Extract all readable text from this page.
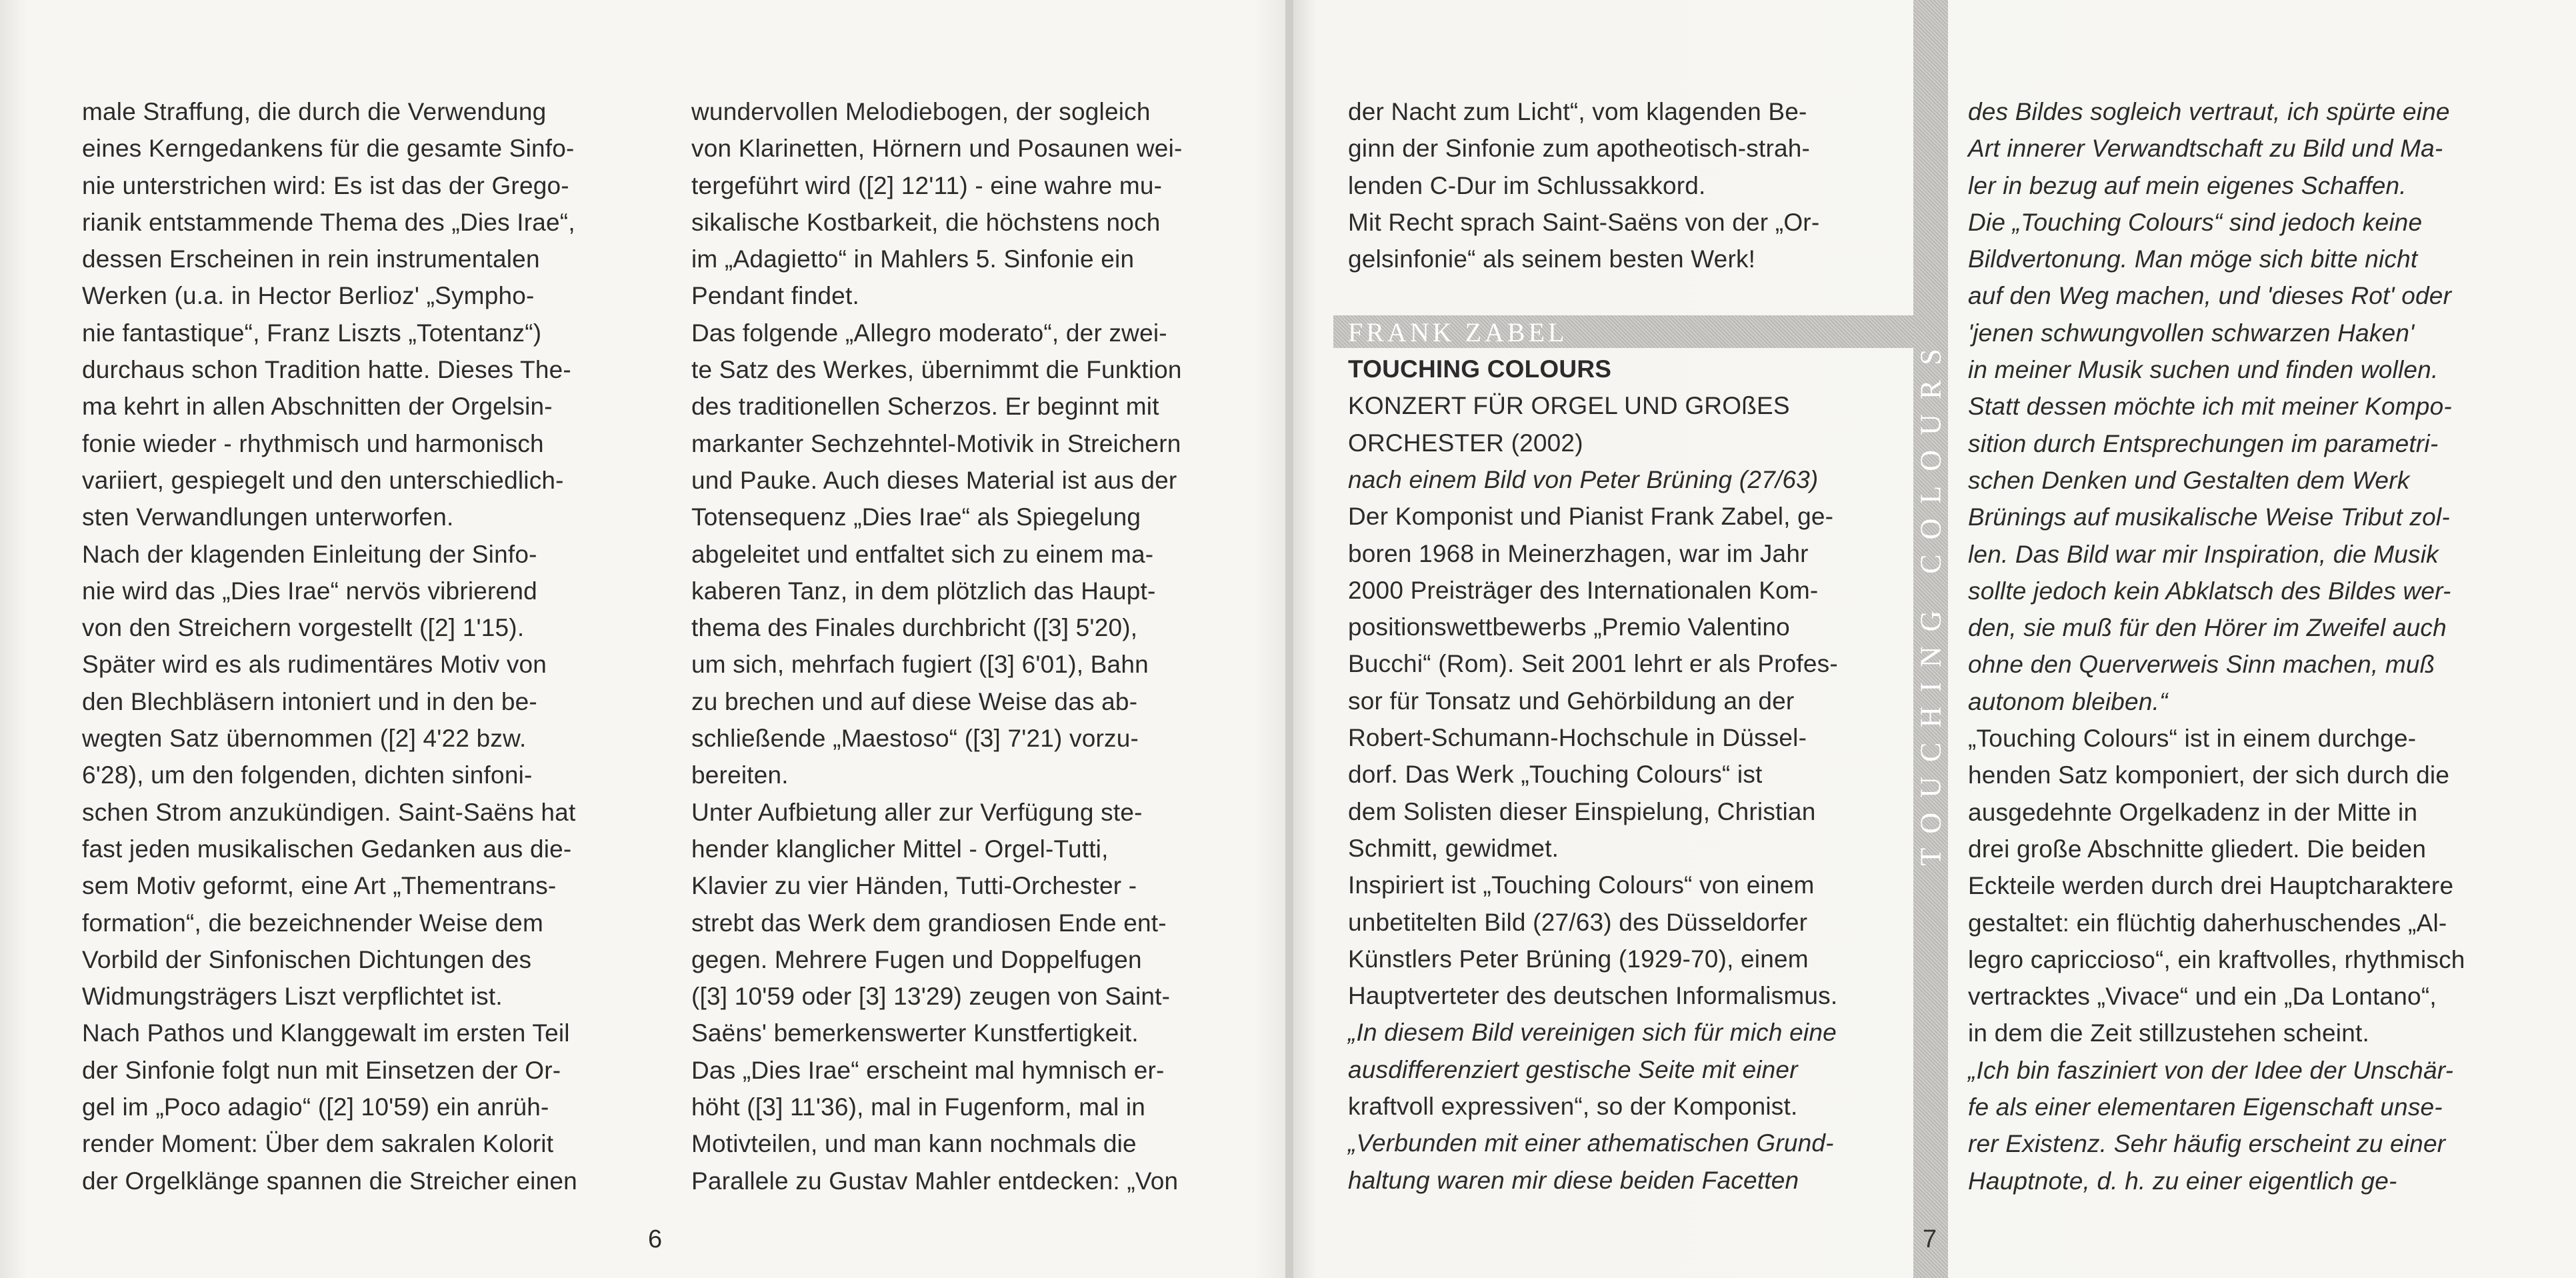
male Straffung, die durch die Verwendung
eines Kerngedankens für die gesamte Sinfo-
nie unterstrichen wird: Es ist das der Grego-
rianik entstammende Thema des „Dies Irae“,
dessen Erscheinen in rein instrumentalen
Werken (u.a. in Hector Berlioz' „Sympho-
nie fantastique“, Franz Liszts „Totentanz“)
durchaus schon Tradition hatte. Dieses The-
ma kehrt in allen Abschnitten der Orgelsin-
fonie wieder - rhythmisch und harmonisch
variiert, gespiegelt und den unterschiedlich-
sten Verwandlungen unterworfen.
Nach der klagenden Einleitung der Sinfo-
nie wird das „Dies Irae“ nervös vibrierend
von den Streichern vorgestellt ([2] 1'15).
Später wird es als rudimentäres Motiv von
den Blechbläsern intoniert und in den be-
wegten Satz übernommen ([2] 4'22 bzw.
6'28), um den folgenden, dichten sinfoni-
schen Strom anzukündigen. Saint-Saëns hat
fast jeden musikalischen Gedanken aus die-
sem Motiv geformt, eine Art „Thementrans-
formation“, die bezeichnender Weise dem
Vorbild der Sinfonischen Dichtungen des
Widmungsträgers Liszt verpflichtet ist.
Nach Pathos und Klanggewalt im ersten Teil
der Sinfonie folgt nun mit Einsetzen der Or-
gel im „Poco adagio“ ([2] 10'59) ein anrüh-
render Moment: Über dem sakralen Kolorit
der Orgelklänge spannen die Streicher einen
wundervollen Melodiebogen, der sogleich
von Klarinetten, Hörnern und Posaunen wei-
tergeführt wird ([2] 12'11) - eine wahre mu-
sikalische Kostbarkeit, die höchstens noch
im „Adagietto“ in Mahlers 5. Sinfonie ein
Pendant findet.
Das folgende „Allegro moderato“, der zwei-
te Satz des Werkes, übernimmt die Funktion
des traditionellen Scherzos. Er beginnt mit
markanter Sechzehntel-Motivik in Streichern
und Pauke. Auch dieses Material ist aus der
Totensequenz „Dies Irae“ als Spiegelung
abgeleitet und entfaltet sich zu einem ma-
kaberen Tanz, in dem plötzlich das Haupt-
thema des Finales durchbricht ([3] 5'20),
um sich, mehrfach fugiert ([3] 6'01), Bahn
zu brechen und auf diese Weise das ab-
schließende „Maestoso“ ([3] 7'21) vorzu-
bereiten.
Unter Aufbietung aller zur Verfügung ste-
hender klanglicher Mittel - Orgel-Tutti,
Klavier zu vier Händen, Tutti-Orchester -
strebt das Werk dem grandiosen Ende ent-
gegen. Mehrere Fugen und Doppelfugen
([3] 10'59 oder [3] 13'29) zeugen von Saint-
Saëns' bemerkenswerter Kunstfertigkeit.
Das „Dies Irae“ erscheint mal hymnisch er-
höht ([3] 11'36), mal in Fugenform, mal in
Motivteilen, und man kann nochmals die
Parallele zu Gustav Mahler entdecken: „Von
6
TOUCHING COLOURS
FRANK ZABEL
der Nacht zum Licht“, vom klagenden Be-
ginn der Sinfonie zum apotheotisch-strah-
lenden C-Dur im Schlussakkord.
Mit Recht sprach Saint-Saëns von der „Or-
gelsinfonie“ als seinem besten Werk!
TOUCHING COLOURS
KONZERT FÜR ORGEL UND GROßES
ORCHESTER (2002)
nach einem Bild von Peter Brüning (27/63)
Der Komponist und Pianist Frank Zabel, ge-
boren 1968 in Meinerzhagen, war im Jahr
2000 Preisträger des Internationalen Kom-
positionswettbewerbs „Premio Valentino
Bucchi“ (Rom). Seit 2001 lehrt er als Profes-
sor für Tonsatz und Gehörbildung an der
Robert-Schumann-Hochschule in Düssel-
dorf. Das Werk „Touching Colours“ ist
dem Solisten dieser Einspielung, Christian
Schmitt, gewidmet.
Inspiriert ist „Touching Colours“ von einem
unbetitelten Bild (27/63) des Düsseldorfer
Künstlers Peter Brüning (1929-70), einem
Hauptverteter des deutschen Informalismus.
„In diesem Bild vereinigen sich für mich eine
ausdifferenziert gestische Seite mit einer
kraftvoll expressiven“, so der Komponist.
„Verbunden mit einer athematischen Grund-
haltung waren mir diese beiden Facetten
des Bildes sogleich vertraut, ich spürte eine
Art innerer Verwandtschaft zu Bild und Ma-
ler in bezug auf mein eigenes Schaffen.
Die „Touching Colours“ sind jedoch keine
Bildvertonung. Man möge sich bitte nicht
auf den Weg machen, und 'dieses Rot' oder
'jenen schwungvollen schwarzen Haken'
in meiner Musik suchen und finden wollen.
Statt dessen möchte ich mit meiner Kompo-
sition durch Entsprechungen im parametri-
schen Denken und Gestalten dem Werk
Brünings auf musikalische Weise Tribut zol-
len. Das Bild war mir Inspiration, die Musik
sollte jedoch kein Abklatsch des Bildes wer-
den, sie muß für den Hörer im Zweifel auch
ohne den Querverweis Sinn machen, muß
autonom bleiben.“
„Touching Colours“ ist in einem durchge-
henden Satz komponiert, der sich durch die
ausgedehnte Orgelkadenz in der Mitte in
drei große Abschnitte gliedert. Die beiden
Eckteile werden durch drei Hauptcharaktere
gestaltet: ein flüchtig daherhuschendes „Al-
legro capriccioso“, ein kraftvolles, rhythmisch
vertracktes „Vivace“ und ein „Da Lontano“,
in dem die Zeit stillzustehen scheint.
„Ich bin fasziniert von der Idee der Unschär-
fe als einer elementaren Eigenschaft unse-
rer Existenz. Sehr häufig erscheint zu einer
Hauptnote, d. h. zu einer eigentlich ge-
7
